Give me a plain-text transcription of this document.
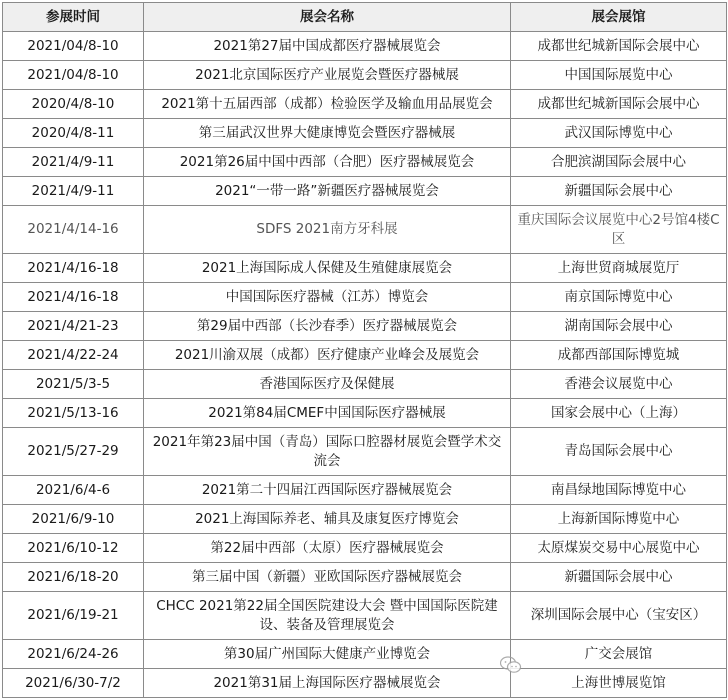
参展时间	展会名称	展会展馆
2021/04/8-10	2021第27届中国成都医疗器械展览会	成都世纪城新国际会展中心
2021/04/8-10	2021北京国际医疗产业展览会暨医疗器械展	中国国际展览中心
2020/4/8-10	2021第十五届西部（成都）检验医学及输血用品展览会	成都世纪城新国际会展中心
2020/4/8-11	第三届武汉世界大健康博览会暨医疗器械展	武汉国际博览中心
2021/4/9-11	2021第26届中国中西部（合肥）医疗器械展览会	合肥滨湖国际会展中心
2021/4/9-11	2021“一带一路”新疆医疗器械展览会	新疆国际会展中心
2021/4/14-16	SDFS 2021南方牙科展	重庆国际会议展览中心2号馆4楼C区
2021/4/16-18	2021上海国际成人保健及生殖健康展览会	上海世贸商城展览厅
2021/4/16-18	中国国际医疗器械（江苏）博览会	南京国际博览中心
2021/4/21-23	第29届中西部（长沙春季）医疗器械展览会	湖南国际会展中心
2021/4/22-24	2021川渝双展（成都）医疗健康产业峰会及展览会	成都西部国际博览城
2021/5/3-5	香港国际医疗及保健展	香港会议展览中心
2021/5/13-16	2021第84届CMEF中国国际医疗器械展	国家会展中心（上海）
2021/5/27-29	2021年第23届中国（青岛）国际口腔器材展览会暨学术交流会	青岛国际会展中心
2021/6/4-6	2021第二十四届江西国际医疗器械展览会	南昌绿地国际博览中心
2021/6/9-10	2021上海国际养老、辅具及康复医疗博览会	上海新国际博览中心
2021/6/10-12	第22届中西部（太原）医疗器械展览会	太原煤炭交易中心展览中心
2021/6/18-20	第三届中国（新疆）亚欧国际医疗器械展览会	新疆国际会展中心
2021/6/19-21	CHCC 2021第22届全国医院建设大会 暨中国国际医院建设、装备及管理展览会	深圳国际会展中心（宝安区）
2021/6/24-26	第30届广州国际大健康产业博览会	广交会展馆
2021/6/30-7/2	2021第31届上海国际医疗器械展览会	上海世博展览馆
